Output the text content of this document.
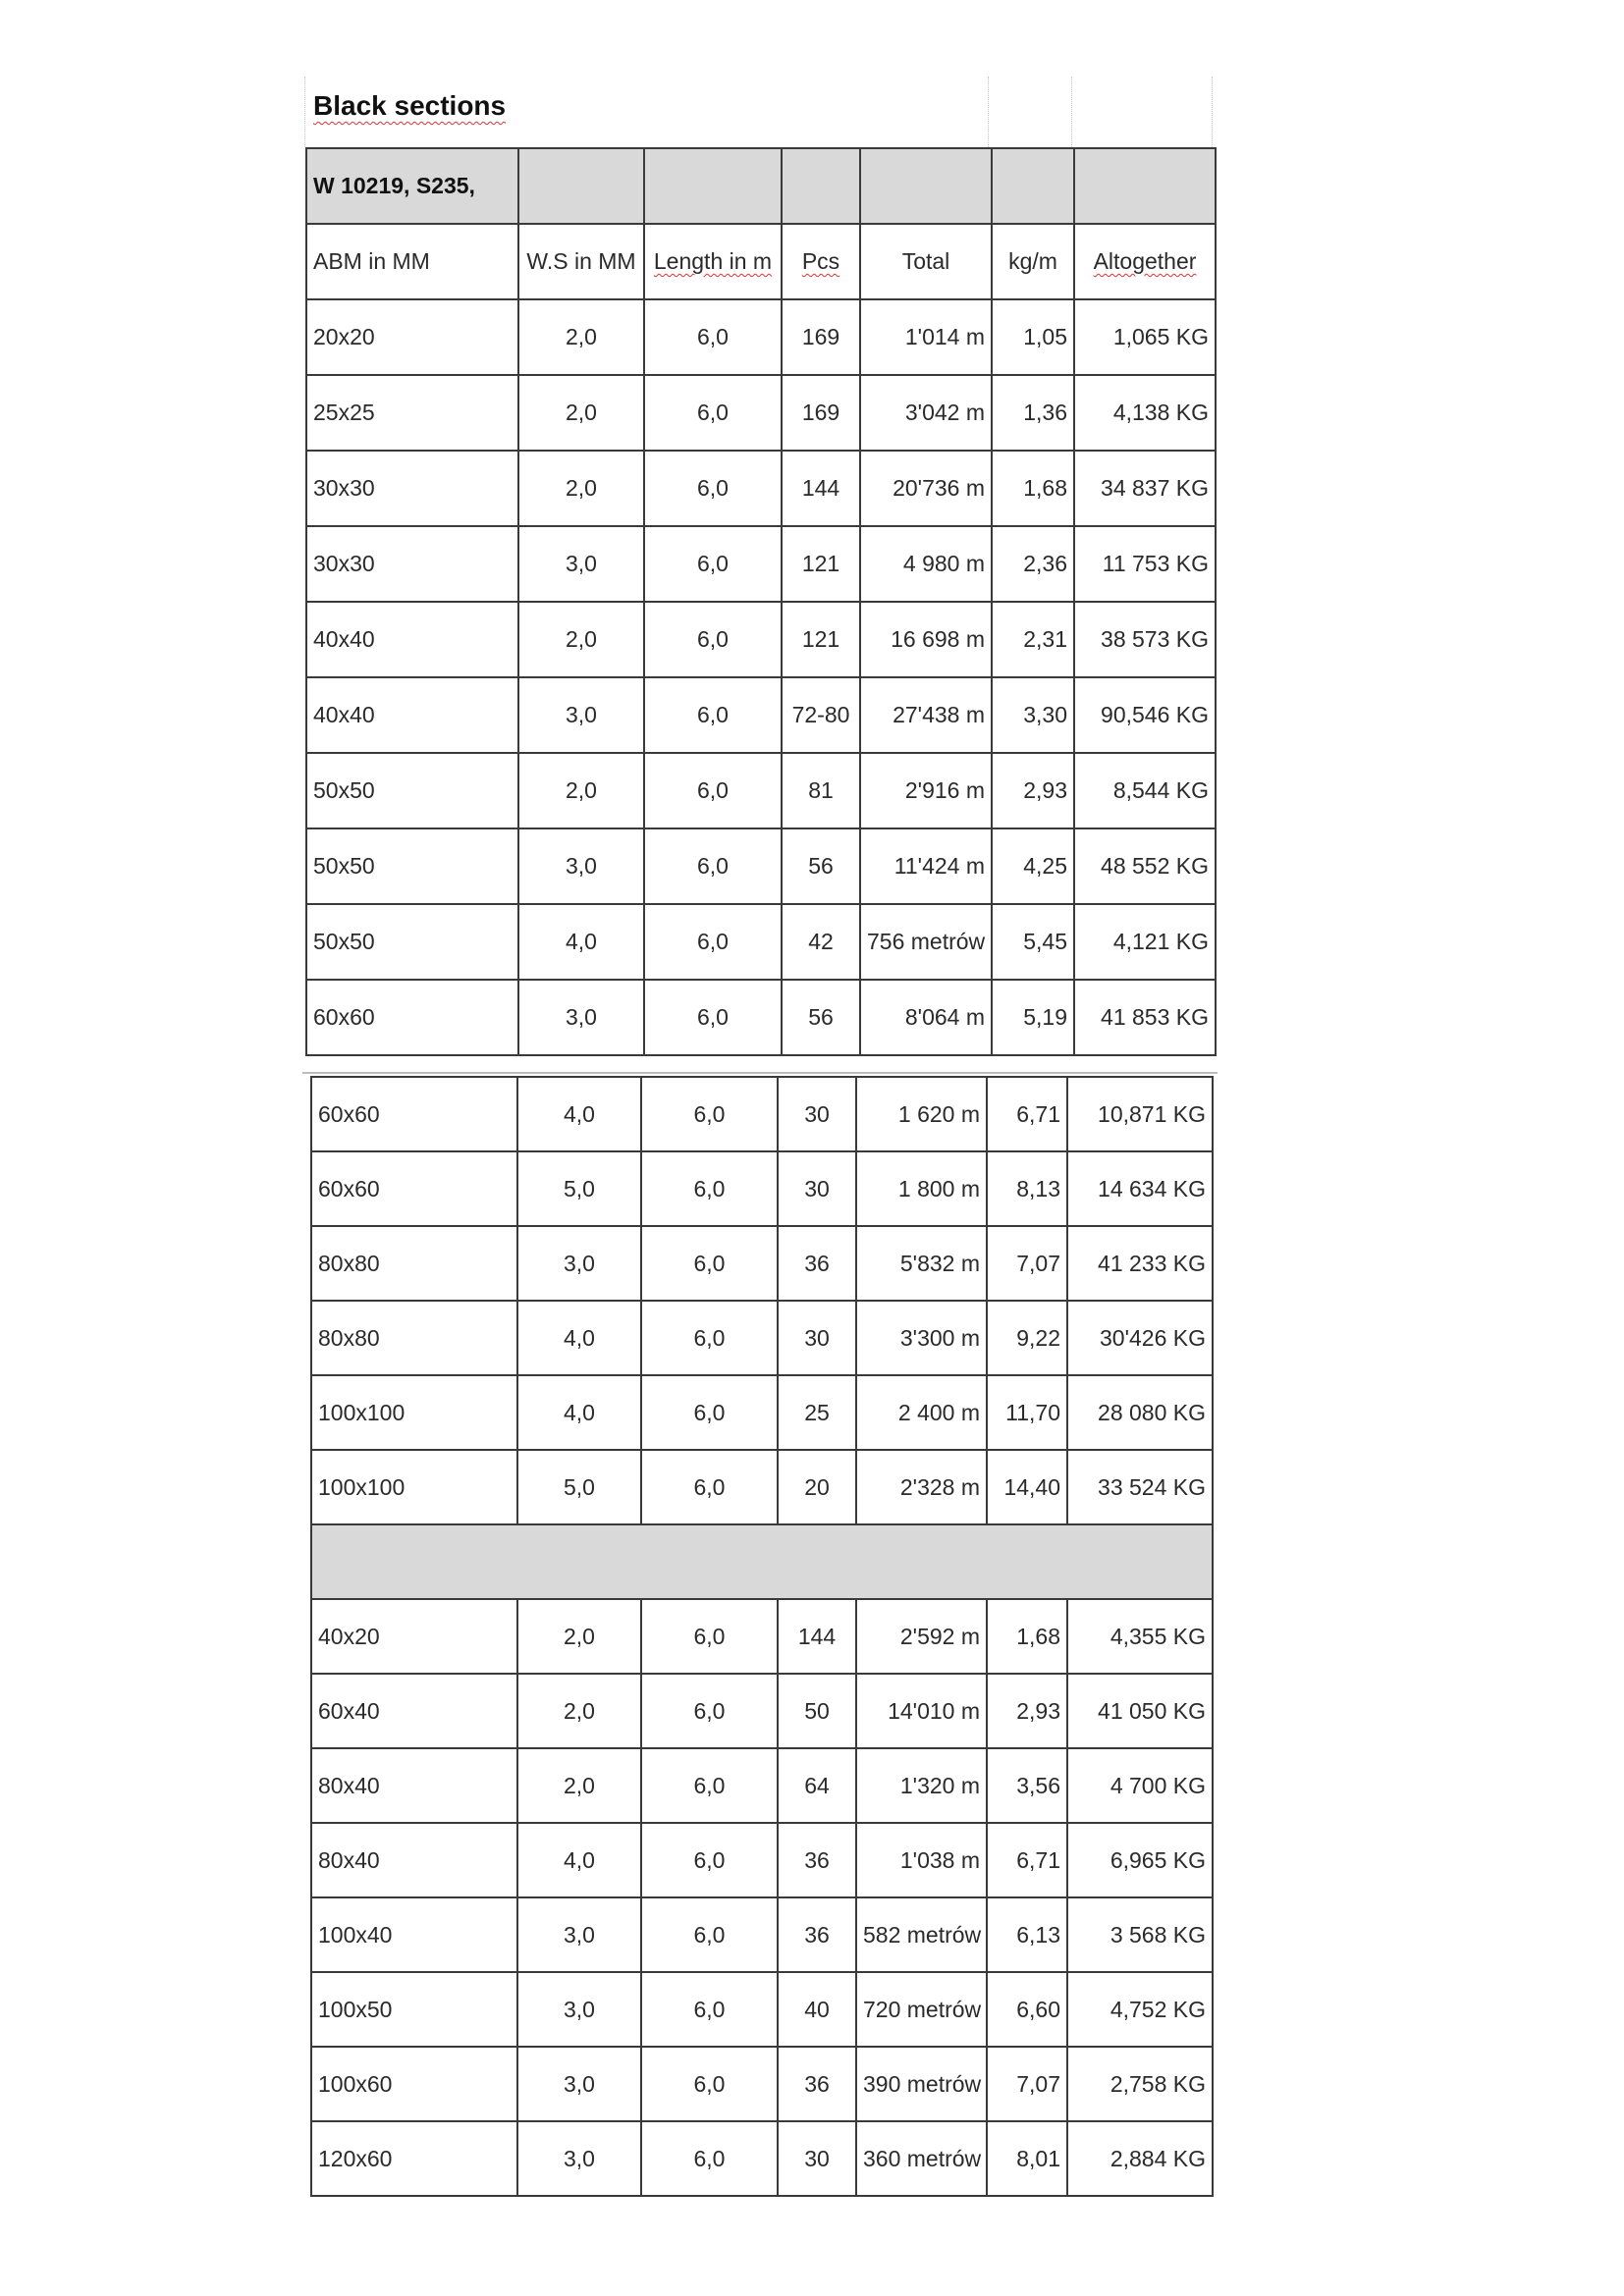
Black sections
W 10219, S235,						
ABM in MM	W.S in MM	Length in m	Pcs	Total	kg/m	Altogether
20x20	2,0	6,0	169	1'014 m	1,05	1,065 KG
25x25	2,0	6,0	169	3'042 m	1,36	4,138 KG
30x30	2,0	6,0	144	20'736 m	1,68	34 837 KG
30x30	3,0	6,0	121	4 980 m	2,36	11 753 KG
40x40	2,0	6,0	121	16 698 m	2,31	38 573 KG
40x40	3,0	6,0	72-80	27'438 m	3,30	90,546 KG
50x50	2,0	6,0	81	2'916 m	2,93	8,544 KG
50x50	3,0	6,0	56	11'424 m	4,25	48 552 KG
50x50	4,0	6,0	42	756 metrów	5,45	4,121 KG
60x60	3,0	6,0	56	8'064 m	5,19	41 853 KG
60x60	4,0	6,0	30	1 620 m	6,71	10,871 KG
60x60	5,0	6,0	30	1 800 m	8,13	14 634 KG
80x80	3,0	6,0	36	5'832 m	7,07	41 233 KG
80x80	4,0	6,0	30	3'300 m	9,22	30'426 KG
100x100	4,0	6,0	25	2 400 m	11,70	28 080 KG
100x100	5,0	6,0	20	2'328 m	14,40	33 524 KG

40x20	2,0	6,0	144	2'592 m	1,68	4,355 KG
60x40	2,0	6,0	50	14'010 m	2,93	41 050 KG
80x40	2,0	6,0	64	1'320 m	3,56	4 700 KG
80x40	4,0	6,0	36	1'038 m	6,71	6,965 KG
100x40	3,0	6,0	36	582 metrów	6,13	3 568 KG
100x50	3,0	6,0	40	720 metrów	6,60	4,752 KG
100x60	3,0	6,0	36	390 metrów	7,07	2,758 KG
120x60	3,0	6,0	30	360 metrów	8,01	2,884 KG
